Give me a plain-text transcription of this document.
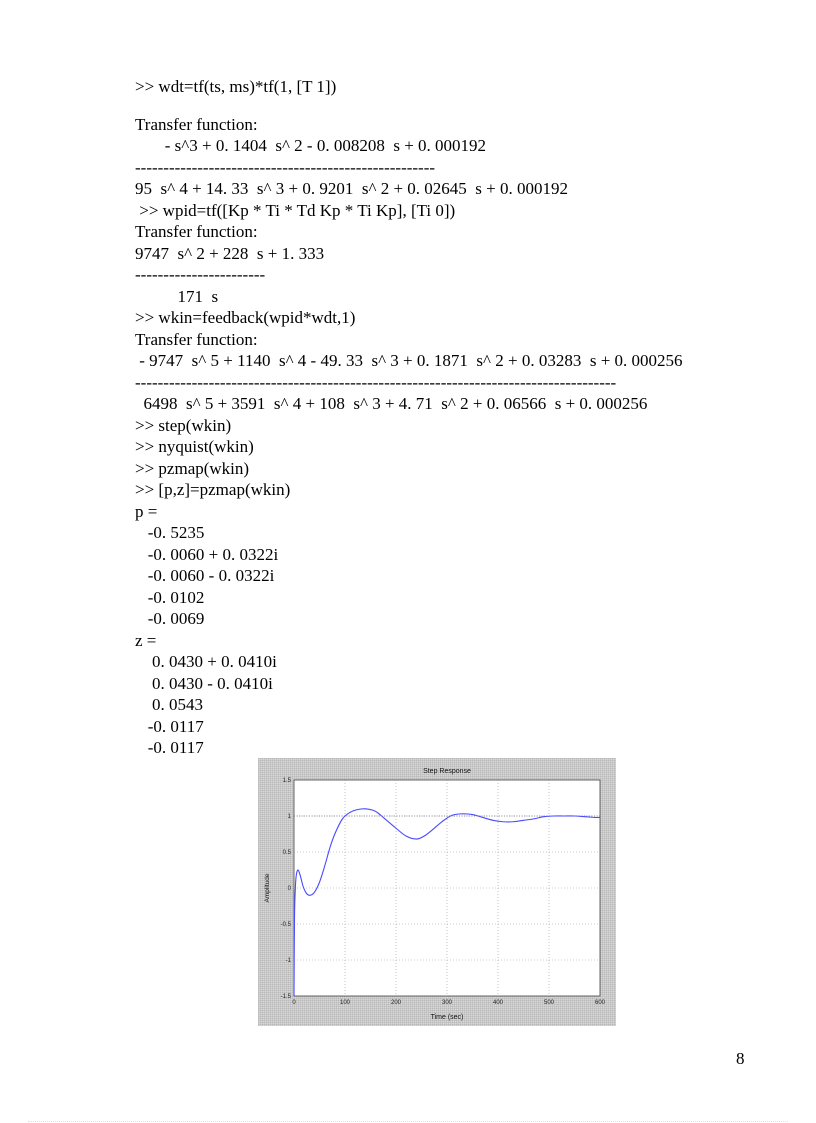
>> wdt=tf(ts, ms)*tf(1, [T 1])
Transfer function:
- s^3 + 0. 1404  s^ 2 - 0. 008208  s + 0. 000192
-----------------------------------------------------
95  s^ 4 + 14. 33  s^ 3 + 0. 9201  s^ 2 + 0. 02645  s + 0. 000192
>> wpid=tf([Kp * Ti * Td Kp * Ti Kp], [Ti 0])
Transfer function:
9747  s^ 2 + 228  s + 1. 333
-----------------------
171  s
>> wkin=feedback(wpid*wdt,1)
Transfer function:
- 9747  s^ 5 + 1140  s^ 4 - 49. 33  s^ 3 + 0. 1871  s^ 2 + 0. 03283  s + 0. 000256
-------------------------------------------------------------------------------------
6498  s^ 5 + 3591  s^ 4 + 108  s^ 3 + 4. 71  s^ 2 + 0. 06566  s + 0. 000256
>> step(wkin)
>> nyquist(wkin)
>> pzmap(wkin)
>> [p,z]=pzmap(wkin)
p =
-0. 5235
-0. 0060 + 0. 0322i
-0. 0060 - 0. 0322i
-0. 0102
-0. 0069
z =
0. 0430 + 0. 0410i
0. 0430 - 0. 0410i
0. 0543
-0. 0117
-0. 0117
0	100	200	300	400	500	600
-1.5
-1
-0.5
0
0.5
1
1.5
Step Response
Time (sec)
Amplitude
8
